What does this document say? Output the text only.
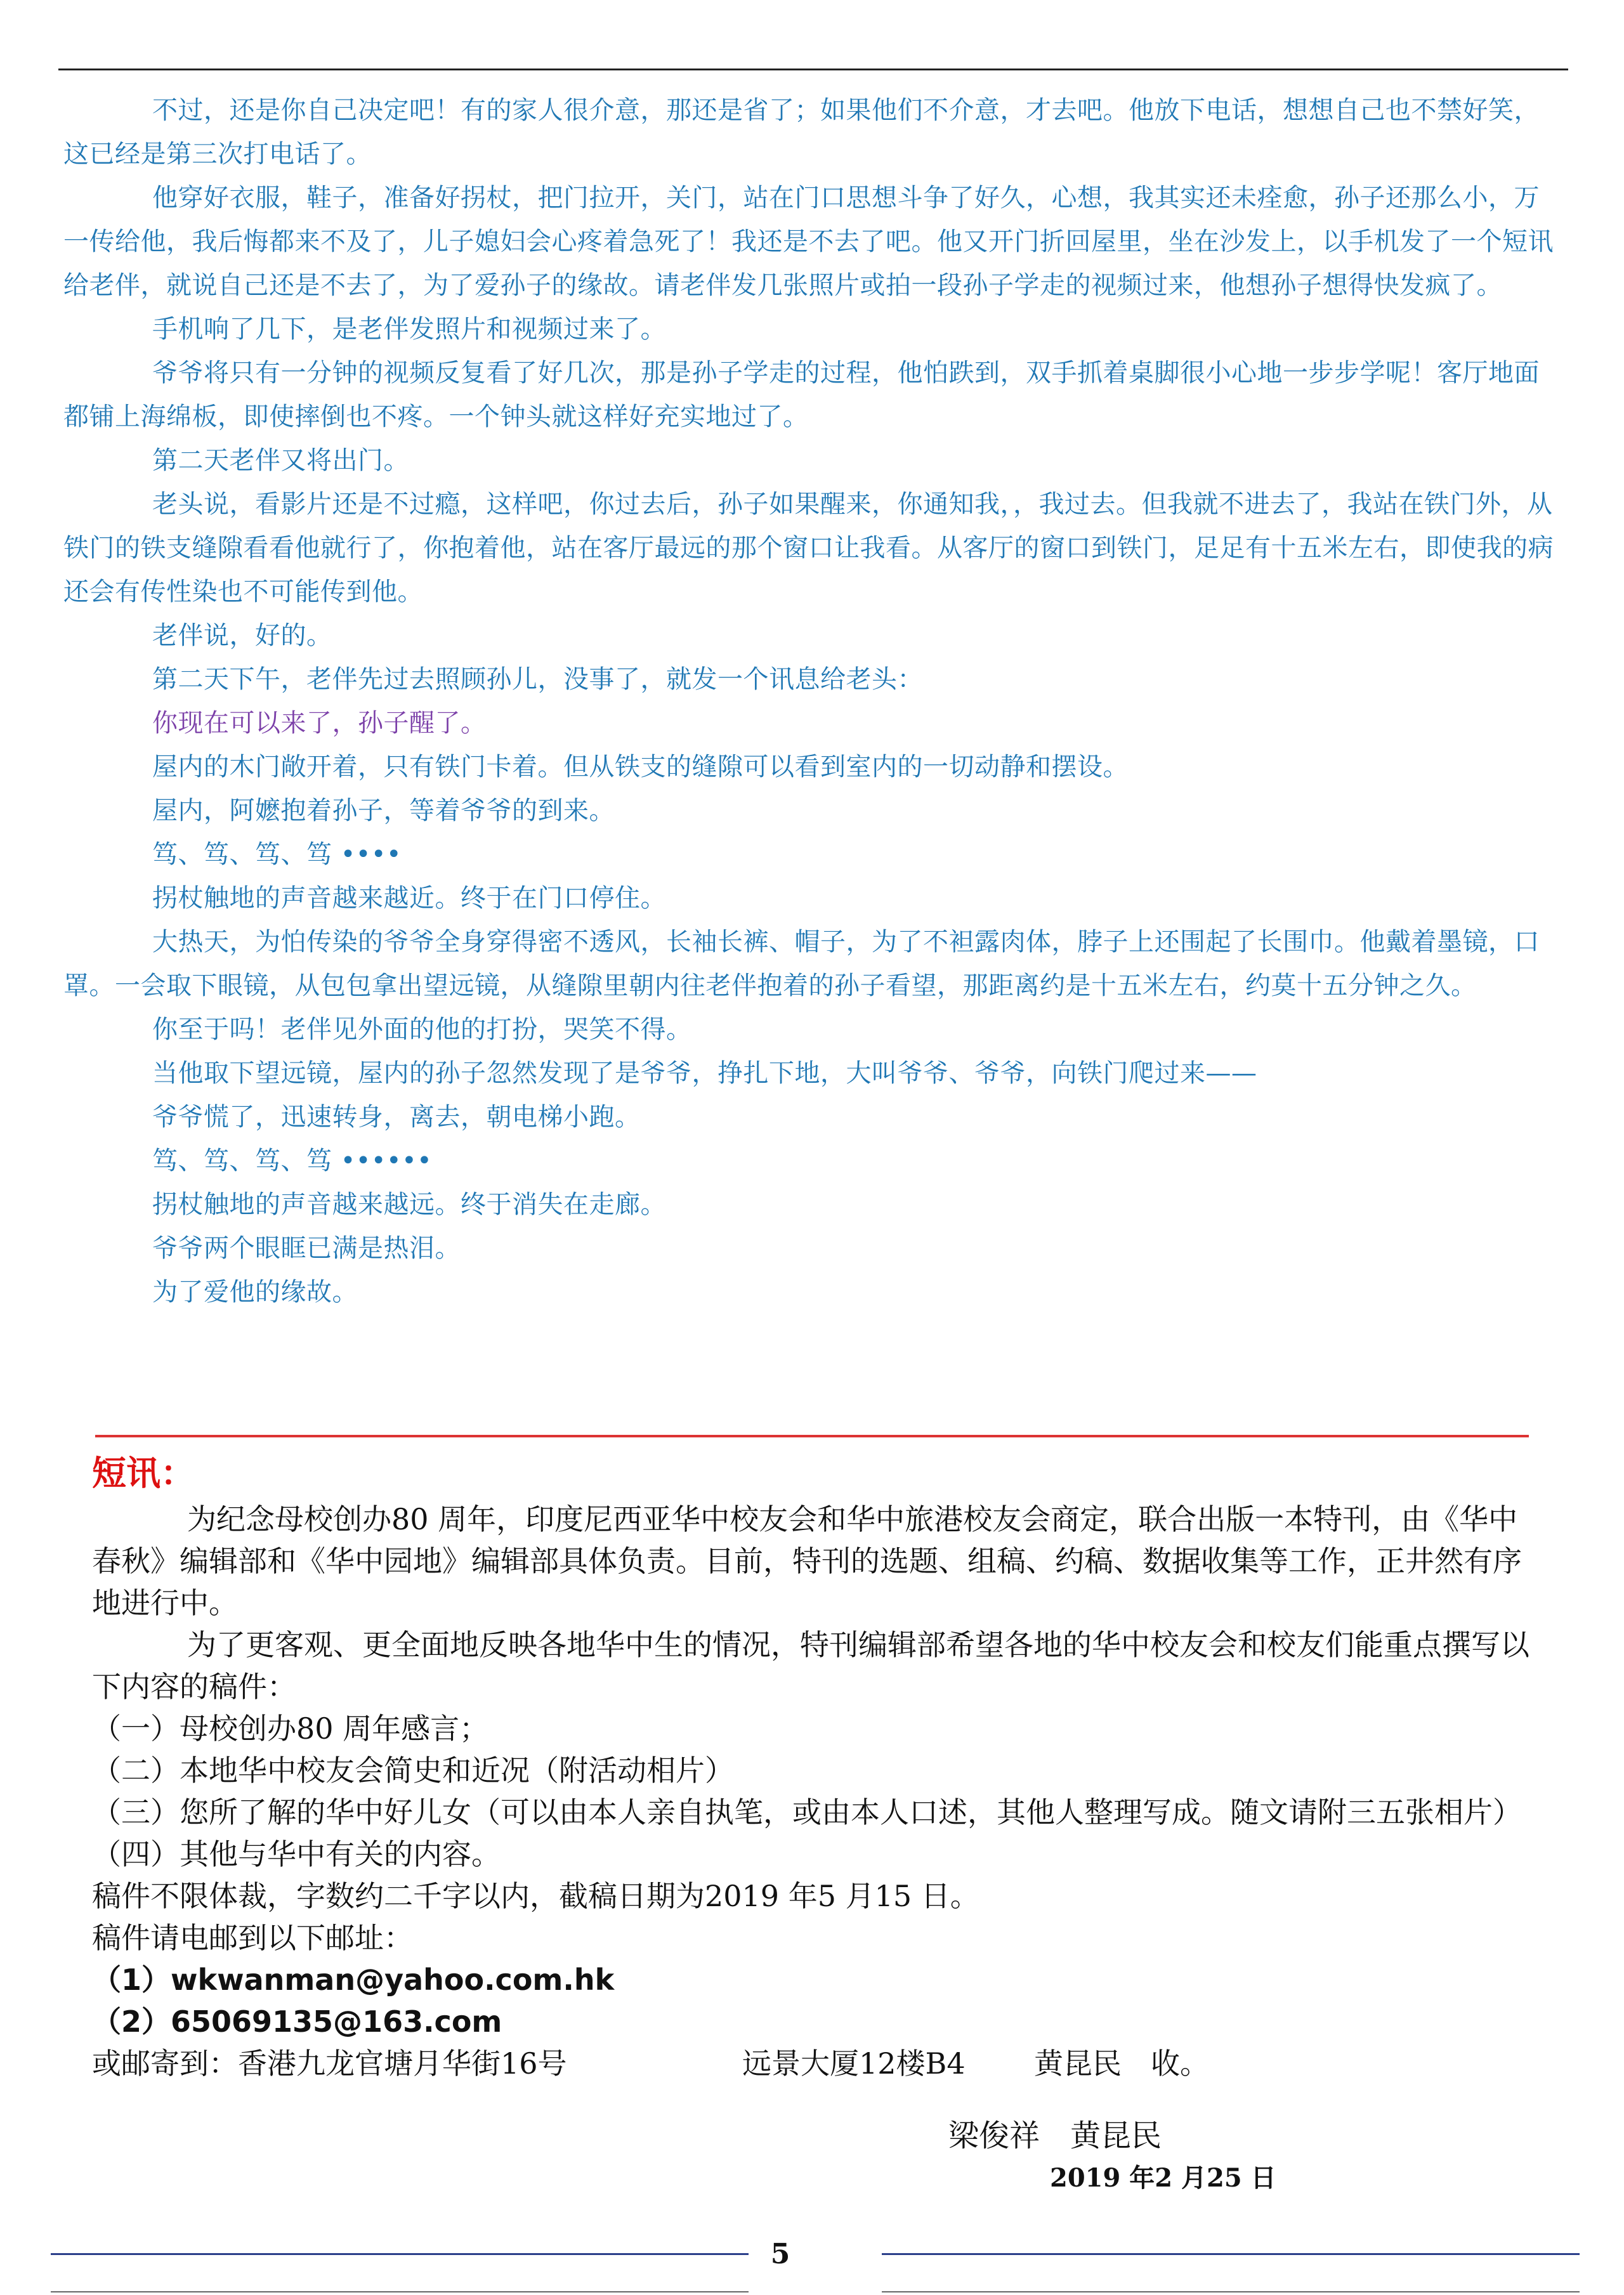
不过，还是你自己决定吧！有的家人很介意，那还是省了；如果他们不介意，才去吧。他放下电话，想想自己也不禁好笑，这已经是第三次打电话了。

他穿好衣服，鞋子，准备好拐杖，把门拉开，关门，站在门口思想斗争了好久，心想，我其实还未痊愈，孙子还那么小，万一传给他，我后悔都来不及了，儿子媳妇会心疼着急死了！我还是不去了吧。他又开门折回屋里，坐在沙发上，以手机发了一个短讯给老伴，就说自己还是不去了，为了爱孙子的缘故。请老伴发几张照片或拍一段孙子学走的视频过来，他想孙子想得快发疯了。

手机响了几下，是老伴发照片和视频过来了。

爷爷将只有一分钟的视频反复看了好几次，那是孙子学走的过程，他怕跌到，双手抓着桌脚很小心地一步步学呢！客厅地面都铺上海绵板，即使摔倒也不疼。一个钟头就这样好充实地过了。

第二天老伴又将出门。

老头说，看影片还是不过瘾，这样吧，你过去后，孙子如果醒来，你通知我，，我过去。但我就不进去了，我站在铁门外，从铁门的铁支缝隙看看他就行了，你抱着他，站在客厅最远的那个窗口让我看。从客厅的窗口到铁门，足足有十五米左右，即使我的病还会有传性染也不可能传到他。

老伴说，好的。

第二天下午，老伴先过去照顾孙儿，没事了，就发一个讯息给老头：

你现在可以来了，孙子醒了。

屋内的木门敞开着，只有铁门卡着。但从铁支的缝隙可以看到室内的一切动静和摆设。

屋内，阿嬷抱着孙子，等着爷爷的到来。

笃、笃、笃、笃 ••••

拐杖触地的声音越来越近。终于在门口停住。

大热天，为怕传染的爷爷全身穿得密不透风，长袖长裤、帽子，为了不袒露肉体，脖子上还围起了长围巾。他戴着墨镜，口罩。一会取下眼镜，从包包拿出望远镜，从缝隙里朝内往老伴抱着的孙子看望，那距离约是十五米左右，约莫十五分钟之久。

你至于吗！老伴见外面的他的打扮，哭笑不得。

当他取下望远镜，屋内的孙子忽然发现了是爷爷，挣扎下地，大叫爷爷、爷爷，向铁门爬过来——

爷爷慌了，迅速转身，离去，朝电梯小跑。

笃、笃、笃、笃 ••••••

拐杖触地的声音越来越远。终于消失在走廊。

爷爷两个眼眶已满是热泪。

为了爱他的缘故。

短讯：

为纪念母校创办80 周年，印度尼西亚华中校友会和华中旅港校友会商定，联合出版一本特刊，由《华中春秋》编辑部和《华中园地》编辑部具体负责。目前，特刊的选题、组稿、约稿、数据收集等工作，正井然有序地进行中。

为了更客观、更全面地反映各地华中生的情况，特刊编辑部希望各地的华中校友会和校友们能重点撰写以下内容的稿件：

（一）母校创办80 周年感言；

（二）本地华中校友会简史和近况（附活动相片）

（三）您所了解的华中好儿女（可以由本人亲自执笔，或由本人口述，其他人整理写成。随文请附三五张相片）

（四）其他与华中有关的内容。

稿件不限体裁，字数约二千字以内，截稿日期为2019 年5 月15 日。

稿件请电邮到以下邮址：

（1）wkwanman@yahoo.com.hk

（2）65069135@163.com

或邮寄到：香港九龙官塘月华街16号	远景大厦12楼B4	黄昆民　收。

梁俊祥　黄昆民
2019 年2 月25 日
5
